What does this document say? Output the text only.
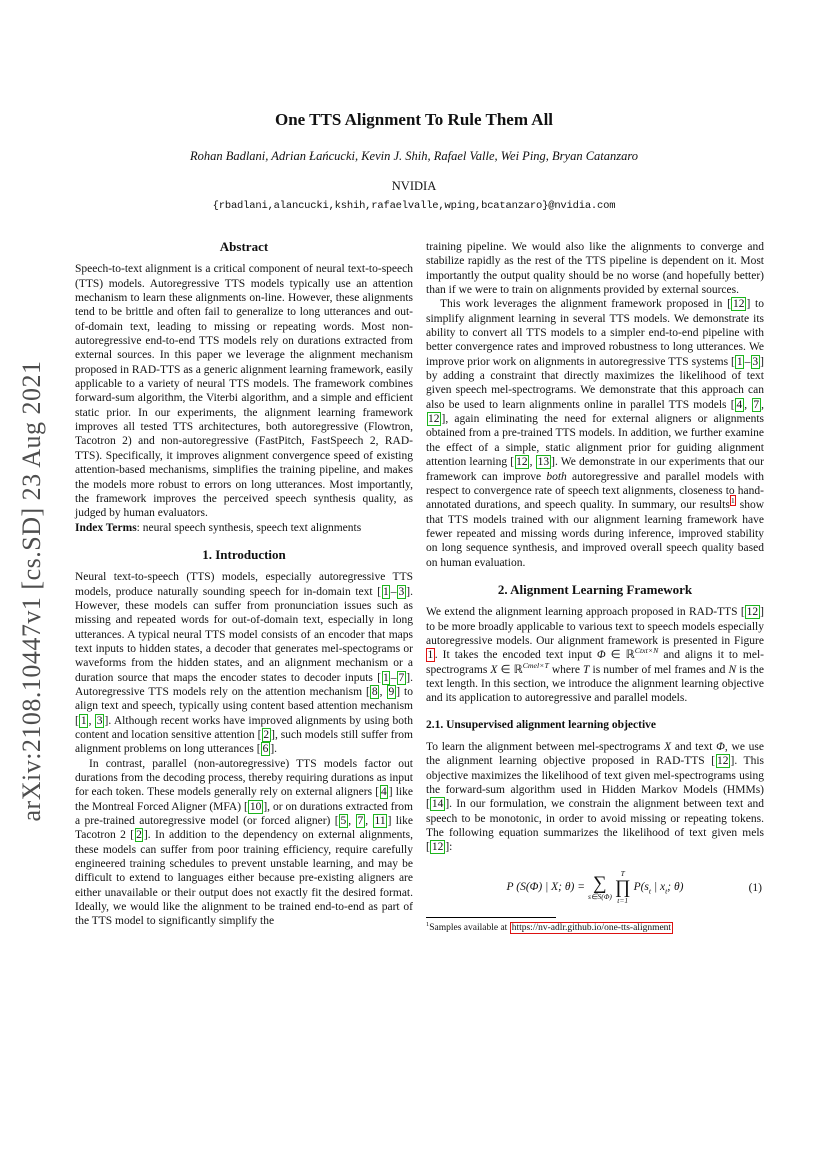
arXiv:2108.10447v1 [cs.SD] 23 Aug 2021
One TTS Alignment To Rule Them All
Rohan Badlani, Adrian Łańcucki, Kevin J. Shih, Rafael Valle, Wei Ping, Bryan Catanzaro
NVIDIA
{rbadlani,alancucki,kshih,rafaelvalle,wping,bcatanzaro}@nvidia.com
Abstract

Speech-to-text alignment is a critical component of neural text-to-speech (TTS) models. Autoregressive TTS models typically use an attention mechanism to learn these alignments on-line. However, these alignments tend to be brittle and often fail to generalize to long utterances and out-of-domain text, leading to missing or repeating words. Most non-autoregressive end-to-end TTS models rely on durations extracted from external sources. In this paper we leverage the alignment mechanism proposed in RAD-TTS as a generic alignment learning framework, easily applicable to a variety of neural TTS models. The framework combines forward-sum algorithm, the Viterbi algorithm, and a simple and efficient static prior. In our experiments, the alignment learning framework improves all tested TTS architectures, both autoregressive (Flowtron, Tacotron 2) and non-autoregressive (FastPitch, FastSpeech 2, RAD-TTS). Specifically, it improves alignment convergence speed of existing attention-based mechanisms, simplifies the training pipeline, and makes the models more robust to errors on long utterances. Most importantly, the framework improves the perceived speech synthesis quality, as judged by human evaluators.

Index Terms: neural speech synthesis, speech text alignments

1. Introduction

Neural text-to-speech (TTS) models, especially autoregressive TTS models, produce naturally sounding speech for in-domain text [ 1 – 3 ]. However, these models can suffer from pronunciation issues such as missing and repeated words for out-of-domain text, especially in long utterances. A typical neural TTS model consists of an encoder that maps text inputs to hidden states, a decoder that generates mel-spectograms or waveforms from the hidden states, and an alignment mechanism or a duration source that maps the encoder states to decoder inputs [ 1 – 7 ]. Autoregressive TTS models rely on the attention mechanism [ 8 , 9 ] to align text and speech, typically using content based attention mechanism [ 1 , 3 ]. Although recent works have improved alignments by using both content and location sensitive attention [ 2 ], such models still suffer from alignment problems on long utterances [ 6 ].

In contrast, parallel (non-autoregressive) TTS models factor out durations from the decoding process, thereby requiring durations as input for each token. These models generally rely on external aligners [ 4 ] like the Montreal Forced Aligner (MFA) [ 10 ], or on durations extracted from a pre-trained autoregressive model (or forced aligner) [ 5 , 7 , 11 ] like Tacotron 2 [ 2 ]. In addition to the dependency on external alignments, these models can suffer from poor training efficiency, require carefully engineered training schedules to prevent unstable learning, and may be difficult to extend to languages either because pre-existing aligners are either unavailable or their output does not exactly fit the desired format. Ideally, we would like the alignment to be trained end-to-end as part of the TTS model to significantly simplify the

training pipeline. We would also like the alignments to converge and stabilize rapidly as the rest of the TTS pipeline is dependent on it. Most importantly the output quality should be no worse (and hopefully better) than if we were to train on alignments provided by external sources.

This work leverages the alignment framework proposed in [ 12 ] to simplify alignment learning in several TTS models. We demonstrate its ability to convert all TTS models to a simpler end-to-end pipeline with better convergence rates and improved robustness to long utterances. We improve prior work on alignments in autoregressive TTS systems [ 1 – 3 ] by adding a constraint that directly maximizes the likelihood of text given speech mel-spectrograms. We demonstrate that this approach can also be used to learn alignments online in parallel TTS models [ 4 , 7 , 12 ], again eliminating the need for external aligners or alignments obtained from a pre-trained TTS models. In addition, we further examine the effect of a simple, static alignment prior for guiding alignment attention learning [ 12 , 13 ]. We demonstrate in our experiments that our framework can improve both autoregressive and parallel models with respect to convergence rate of speech text alignments, closeness to hand-annotated durations, and speech quality. In summary, our results$^1$ show that TTS models trained with our alignment learning framework have fewer repeated and missing words during inference, improved stability on long sequence synthesis, and improved overall speech quality based on human evaluation.

2. Alignment Learning Framework

We extend the alignment learning approach proposed in RAD-TTS [ 12 ] to be more broadly applicable to various text to speech models especially autoregressive models. Our alignment framework is presented in Figure 1 . It takes the encoded text input Φ ∈ ℝ$^{Ctxt\times N}$ and aligns it to mel-spectrograms X ∈ ℝ$^{Cmel\times T}$ where T is number of mel frames and N is the text length. In this section, we introduce the alignment learning objective and its application to autoregressive and parallel models.

2.1. Unsupervised alignment learning objective

To learn the alignment between mel-spectrograms X and text Φ, we use the alignment learning objective proposed in RAD-TTS [ 12 ]. This objective maximizes the likelihood of text given mel-spectrograms using the forward-sum algorithm used in Hidden Markov Models (HMMs) [ 14 ]. In our formulation, we constrain the alignment between text and speech to be monotonic, in order to avoid missing or repeating tokens. The following equation summarizes the likelihood of text given mels [ 12 ]:

P (S(Φ) | X; θ) = ∑
s∈S(Φ)
T
∏
t=1
$P(s_t$ | $x_t$; θ)	(1)
$^1$Samples available at https://nv-adlr.github.io/one-tts-alignment
